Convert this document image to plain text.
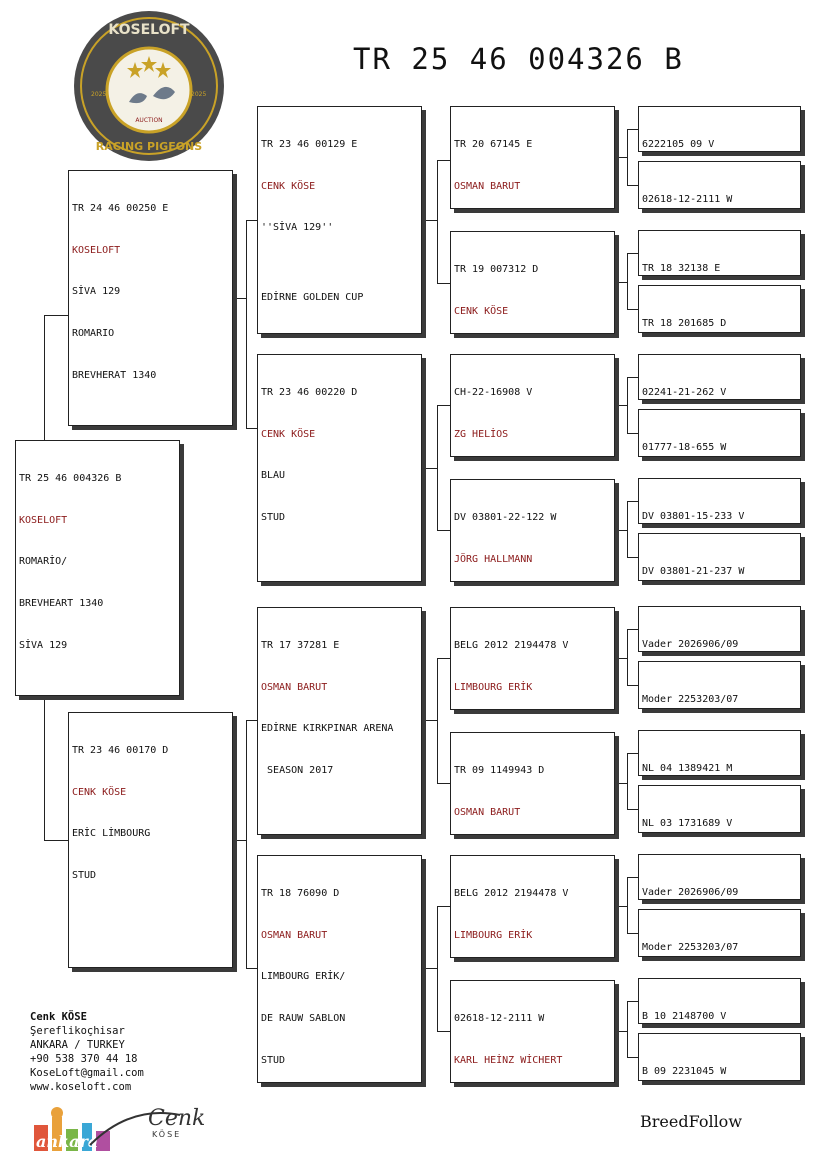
KOSELOFT
AUCTION
RACING PIGEONS
2025	2025
TR 25 46 004326 B

TR 25 46 004326 B

KOSELOFT

ROMARİO/

BREVHEART 1340

SİVA 129

TR 24 46 00250 E

KOSELOFT

SİVA 129

ROMARIO

BREVHERAT 1340

TR 23 46 00170 D

CENK KÖSE

ERİC LİMBOURG

STUD

TR 23 46 00129 E

CENK KÖSE

''SİVA 129''

EDİRNE GOLDEN CUP

TR 23 46 00220 D

CENK KÖSE

BLAU

STUD

TR 17 37281 E

OSMAN BARUT

EDİRNE KIRKPINAR ARENA

SEASON 2017

TR 18 76090 D

OSMAN BARUT

LIMBOURG ERİK/

DE RAUW SABLON

STUD

TR 20 67145 E

OSMAN BARUT

TR 19 007312 D

CENK KÖSE

CH-22-16908 V

ZG HELİOS

DV 03801-22-122 W

JÖRG HALLMANN

BELG 2012 2194478 V

LIMBOURG ERİK

TR 09 1149943 D

OSMAN BARUT

BELG 2012 2194478 V

LIMBOURG ERİK

02618-12-2111 W

KARL HEİNZ WİCHERT

6222105 09 V

02618-12-2111 W

TR 18 32138 E

TR 18 201685 D

02241-21-262 V

01777-18-655 W

DV 03801-15-233 V

DV 03801-21-237 W

Vader 2026906/09

Moder 2253203/07

NL 04 1389421 M

NL 03 1731689 V

Vader 2026906/09

Moder 2253203/07

B 10 2148700 V

B 09 2231045 W

Cenk KÖSE
Şereflikoçhisar
ANKARA / TURKEY
+90 538 370 44 18
KoseLoft@gmail.com
www.koseloft.com
ankara
Cenk
KÖSE
BreedFollow
